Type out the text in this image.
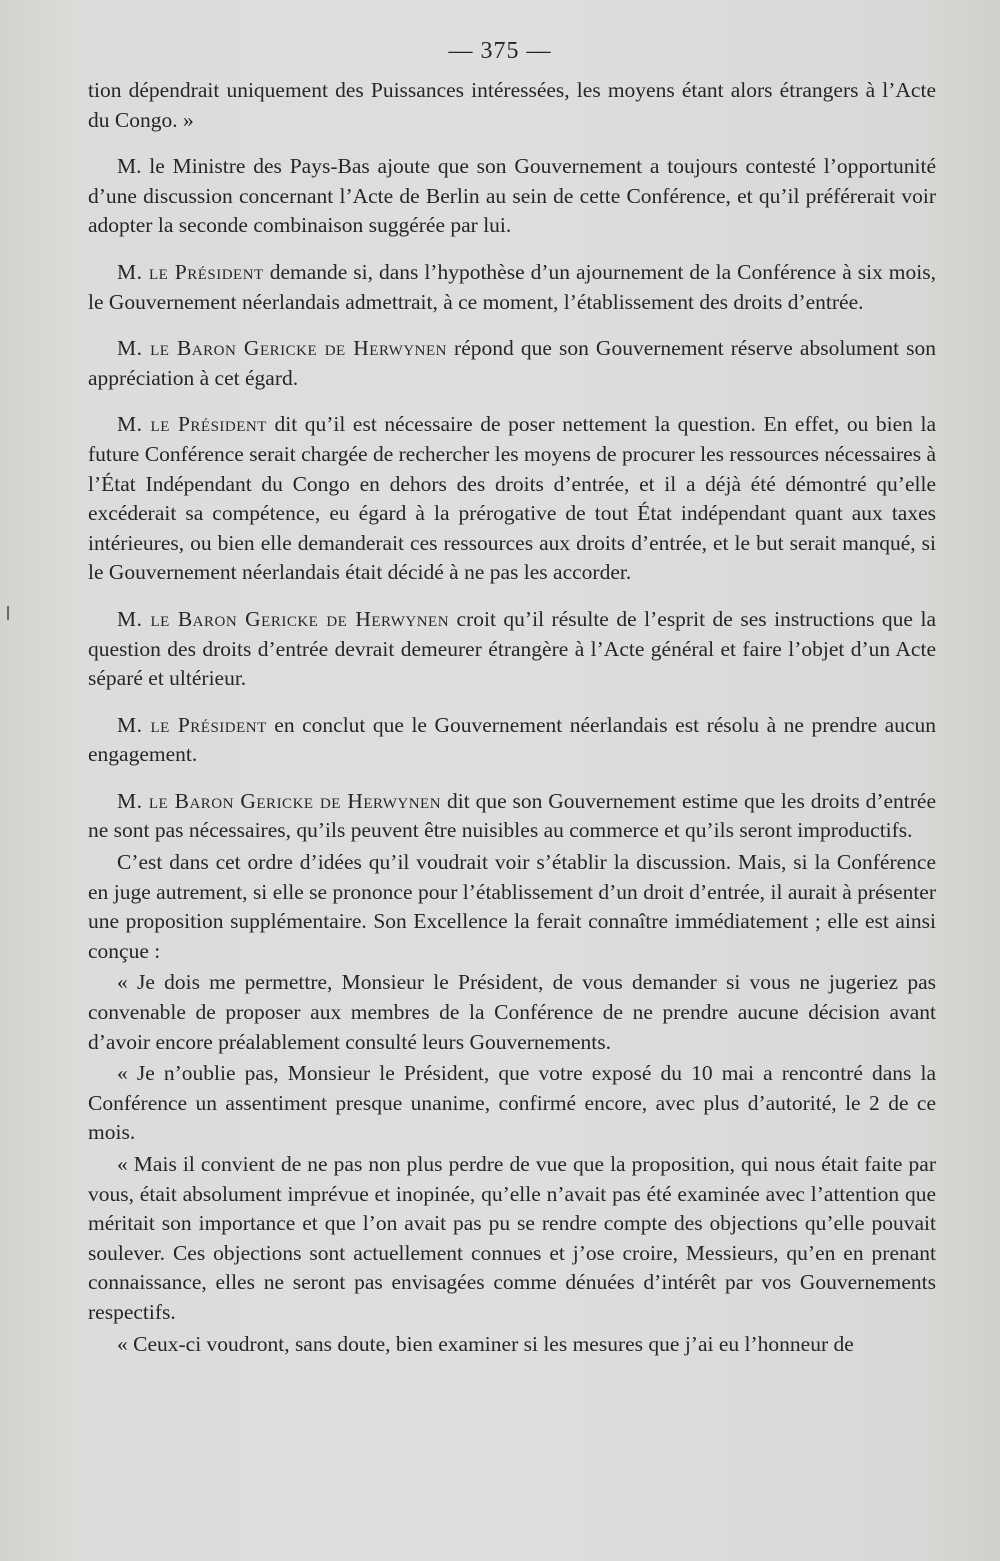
— 375 —

tion dépendrait uniquement des Puissances intéressées, les moyens étant alors étrangers à l’Acte du Congo. »

M. le Ministre des Pays-Bas ajoute que son Gouvernement a toujours contesté l’opportunité d’une discussion concernant l’Acte de Berlin au sein de cette Conférence, et qu’il préférerait voir adopter la seconde combinaison suggérée par lui.

M. le Président demande si, dans l’hypothèse d’un ajournement de la Conférence à six mois, le Gouvernement néerlandais admettrait, à ce moment, l’établissement des droits d’entrée.

M. le Baron Gericke de Herwynen répond que son Gouvernement réserve absolument son appréciation à cet égard.

M. le Président dit qu’il est nécessaire de poser nettement la question. En effet, ou bien la future Conférence serait chargée de rechercher les moyens de procurer les ressources nécessaires à l’État Indépendant du Congo en dehors des droits d’entrée, et il a déjà été démontré qu’elle excéderait sa compétence, eu égard à la prérogative de tout État indépendant quant aux taxes intérieures, ou bien elle demanderait ces ressources aux droits d’entrée, et le but serait manqué, si le Gouvernement néerlandais était décidé à ne pas les accorder.

M. le Baron Gericke de Herwynen croit qu’il résulte de l’esprit de ses instructions que la question des droits d’entrée devrait demeurer étrangère à l’Acte général et faire l’objet d’un Acte séparé et ultérieur.

M. le Président en conclut que le Gouvernement néerlandais est résolu à ne prendre aucun engagement.

M. le Baron Gericke de Herwynen dit que son Gouvernement estime que les droits d’entrée ne sont pas nécessaires, qu’ils peuvent être nuisibles au commerce et qu’ils seront improductifs.

C’est dans cet ordre d’idées qu’il voudrait voir s’établir la discussion. Mais, si la Conférence en juge autrement, si elle se prononce pour l’établissement d’un droit d’entrée, il aurait à présenter une proposition supplémentaire. Son Excellence la ferait connaître immédiatement ; elle est ainsi conçue :

« Je dois me permettre, Monsieur le Président, de vous demander si vous ne jugeriez pas convenable de proposer aux membres de la Conférence de ne prendre aucune décision avant d’avoir encore préalablement consulté leurs Gouvernements.

« Je n’oublie pas, Monsieur le Président, que votre exposé du 10 mai a rencontré dans la Conférence un assentiment presque unanime, confirmé encore, avec plus d’autorité, le 2 de ce mois.

« Mais il convient de ne pas non plus perdre de vue que la proposition, qui nous était faite par vous, était absolument imprévue et inopinée, qu’elle n’avait pas été examinée avec l’attention que méritait son importance et que l’on avait pas pu se rendre compte des objections qu’elle pouvait soulever. Ces objections sont actuellement connues et j’ose croire, Messieurs, qu’en en prenant connaissance, elles ne seront pas envisagées comme dénuées d’intérêt par vos Gouvernements respectifs.

« Ceux-ci voudront, sans doute, bien examiner si les mesures que j’ai eu l’honneur de
